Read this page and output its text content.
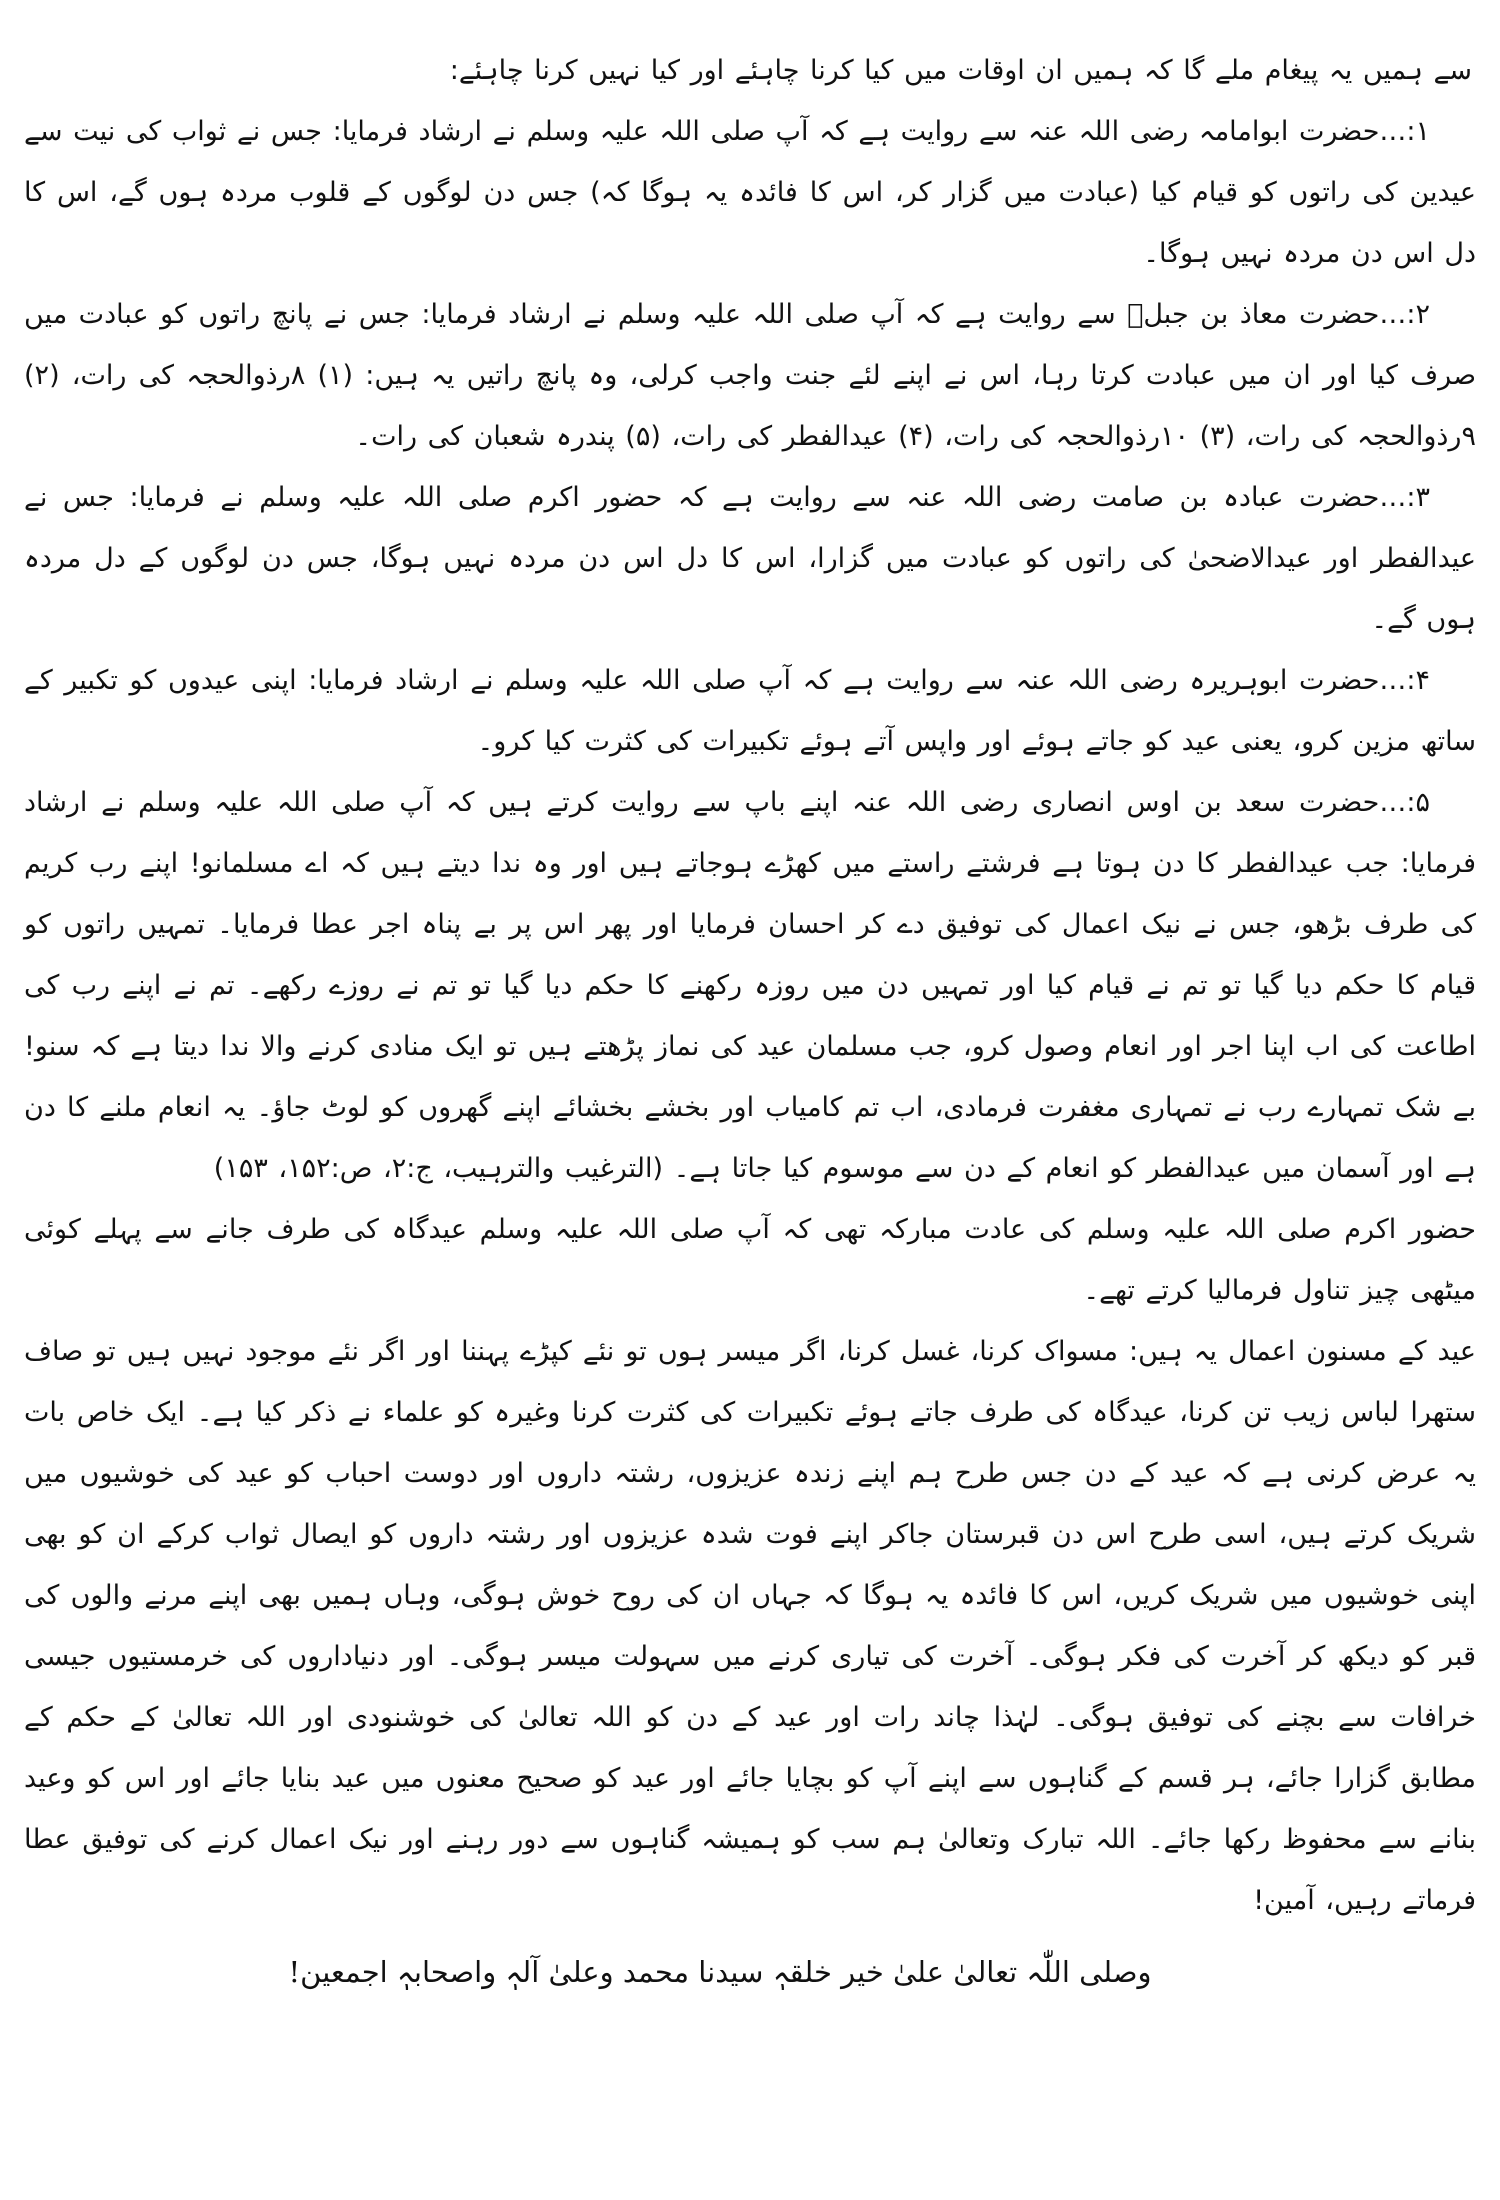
سے ہمیں یہ پیغام ملے گا کہ ہمیں ان اوقات میں کیا کرنا چاہئے اور کیا نہیں کرنا چاہئے:

۱:…حضرت ابوامامہ رضی اللہ عنہ سے روایت ہے کہ آپ صلی اللہ علیہ وسلم نے ارشاد فرمایا: جس نے ثواب کی نیت سے عیدین کی راتوں کو قیام کیا (عبادت میں گزار کر، اس کا فائدہ یہ ہوگا کہ) جس دن لوگوں کے قلوب مردہ ہوں گے، اس کا دل اس دن مردہ نہیں ہوگا۔

۲:…حضرت معاذ بن جبلؓ سے روایت ہے کہ آپ صلی اللہ علیہ وسلم نے ارشاد فرمایا: جس نے پانچ راتوں کو عبادت میں صرف کیا اور ان میں عبادت کرتا رہا، اس نے اپنے لئے جنت واجب کرلی، وہ پانچ راتیں یہ ہیں: (۱) ۸رذوالحجہ کی رات، (۲) ۹رذوالحجہ کی رات، (۳) ۱۰رذوالحجہ کی رات، (۴) عیدالفطر کی رات، (۵) پندرہ شعبان کی رات۔

۳:…حضرت عبادہ بن صامت رضی اللہ عنہ سے روایت ہے کہ حضور اکرم صلی اللہ علیہ وسلم نے فرمایا: جس نے عیدالفطر اور عیدالاضحیٰ کی راتوں کو عبادت میں گزارا، اس کا دل اس دن مردہ نہیں ہوگا، جس دن لوگوں کے دل مردہ ہوں گے۔

۴:…حضرت ابوہریرہ رضی اللہ عنہ سے روایت ہے کہ آپ صلی اللہ علیہ وسلم نے ارشاد فرمایا: اپنی عیدوں کو تکبیر کے ساتھ مزین کرو، یعنی عید کو جاتے ہوئے اور واپس آتے ہوئے تکبیرات کی کثرت کیا کرو۔

۵:…حضرت سعد بن اوس انصاری رضی اللہ عنہ اپنے باپ سے روایت کرتے ہیں کہ آپ صلی اللہ علیہ وسلم نے ارشاد فرمایا: جب عیدالفطر کا دن ہوتا ہے فرشتے راستے میں کھڑے ہوجاتے ہیں اور وہ ندا دیتے ہیں کہ اے مسلمانو! اپنے رب کریم کی طرف بڑھو، جس نے نیک اعمال کی توفیق دے کر احسان فرمایا اور پھر اس پر بے پناہ اجر عطا فرمایا۔ تمہیں راتوں کو قیام کا حکم دیا گیا تو تم نے قیام کیا اور تمہیں دن میں روزہ رکھنے کا حکم دیا گیا تو تم نے روزے رکھے۔ تم نے اپنے رب کی اطاعت کی اب اپنا اجر اور انعام وصول کرو، جب مسلمان عید کی نماز پڑھتے ہیں تو ایک منادی کرنے والا ندا دیتا ہے کہ سنو! بے شک تمہارے رب نے تمہاری مغفرت فرمادی، اب تم کامیاب اور بخشے بخشائے اپنے گھروں کو لوٹ جاؤ۔ یہ انعام ملنے کا دن ہے اور آسمان میں عیدالفطر کو انعام کے دن سے موسوم کیا جاتا ہے۔ (الترغیب والترہیب، ج:۲، ص:۱۵۲، ۱۵۳)

حضور اکرم صلی اللہ علیہ وسلم کی عادت مبارکہ تھی کہ آپ صلی اللہ علیہ وسلم عیدگاہ کی طرف جانے سے پہلے کوئی میٹھی چیز تناول فرمالیا کرتے تھے۔

عید کے مسنون اعمال یہ ہیں: مسواک کرنا، غسل کرنا، اگر میسر ہوں تو نئے کپڑے پہننا اور اگر نئے موجود نہیں ہیں تو صاف ستھرا لباس زیب تن کرنا، عیدگاہ کی طرف جاتے ہوئے تکبیرات کی کثرت کرنا وغیرہ کو علماء نے ذکر کیا ہے۔ ایک خاص بات یہ عرض کرنی ہے کہ عید کے دن جس طرح ہم اپنے زندہ عزیزوں، رشتہ داروں اور دوست احباب کو عید کی خوشیوں میں شریک کرتے ہیں، اسی طرح اس دن قبرستان جاکر اپنے فوت شدہ عزیزوں اور رشتہ داروں کو ایصال ثواب کرکے ان کو بھی اپنی خوشیوں میں شریک کریں، اس کا فائدہ یہ ہوگا کہ جہاں ان کی روح خوش ہوگی، وہاں ہمیں بھی اپنے مرنے والوں کی قبر کو دیکھ کر آخرت کی فکر ہوگی۔ آخرت کی تیاری کرنے میں سہولت میسر ہوگی۔ اور دنیاداروں کی خرمستیوں جیسی خرافات سے بچنے کی توفیق ہوگی۔ لہٰذا چاند رات اور عید کے دن کو اللہ تعالیٰ کی خوشنودی اور اللہ تعالیٰ کے حکم کے مطابق گزارا جائے، ہر قسم کے گناہوں سے اپنے آپ کو بچایا جائے اور عید کو صحیح معنوں میں عید بنایا جائے اور اس کو وعید بنانے سے محفوظ رکھا جائے۔ اللہ تبارک وتعالیٰ ہم سب کو ہمیشہ گناہوں سے دور رہنے اور نیک اعمال کرنے کی توفیق عطا فرماتے رہیں، آمین!

وصلی اللّٰہ تعالیٰ علیٰ خیر خلقہٖ سیدنا محمد وعلیٰ آلہٖ واصحابہٖ اجمعین!
